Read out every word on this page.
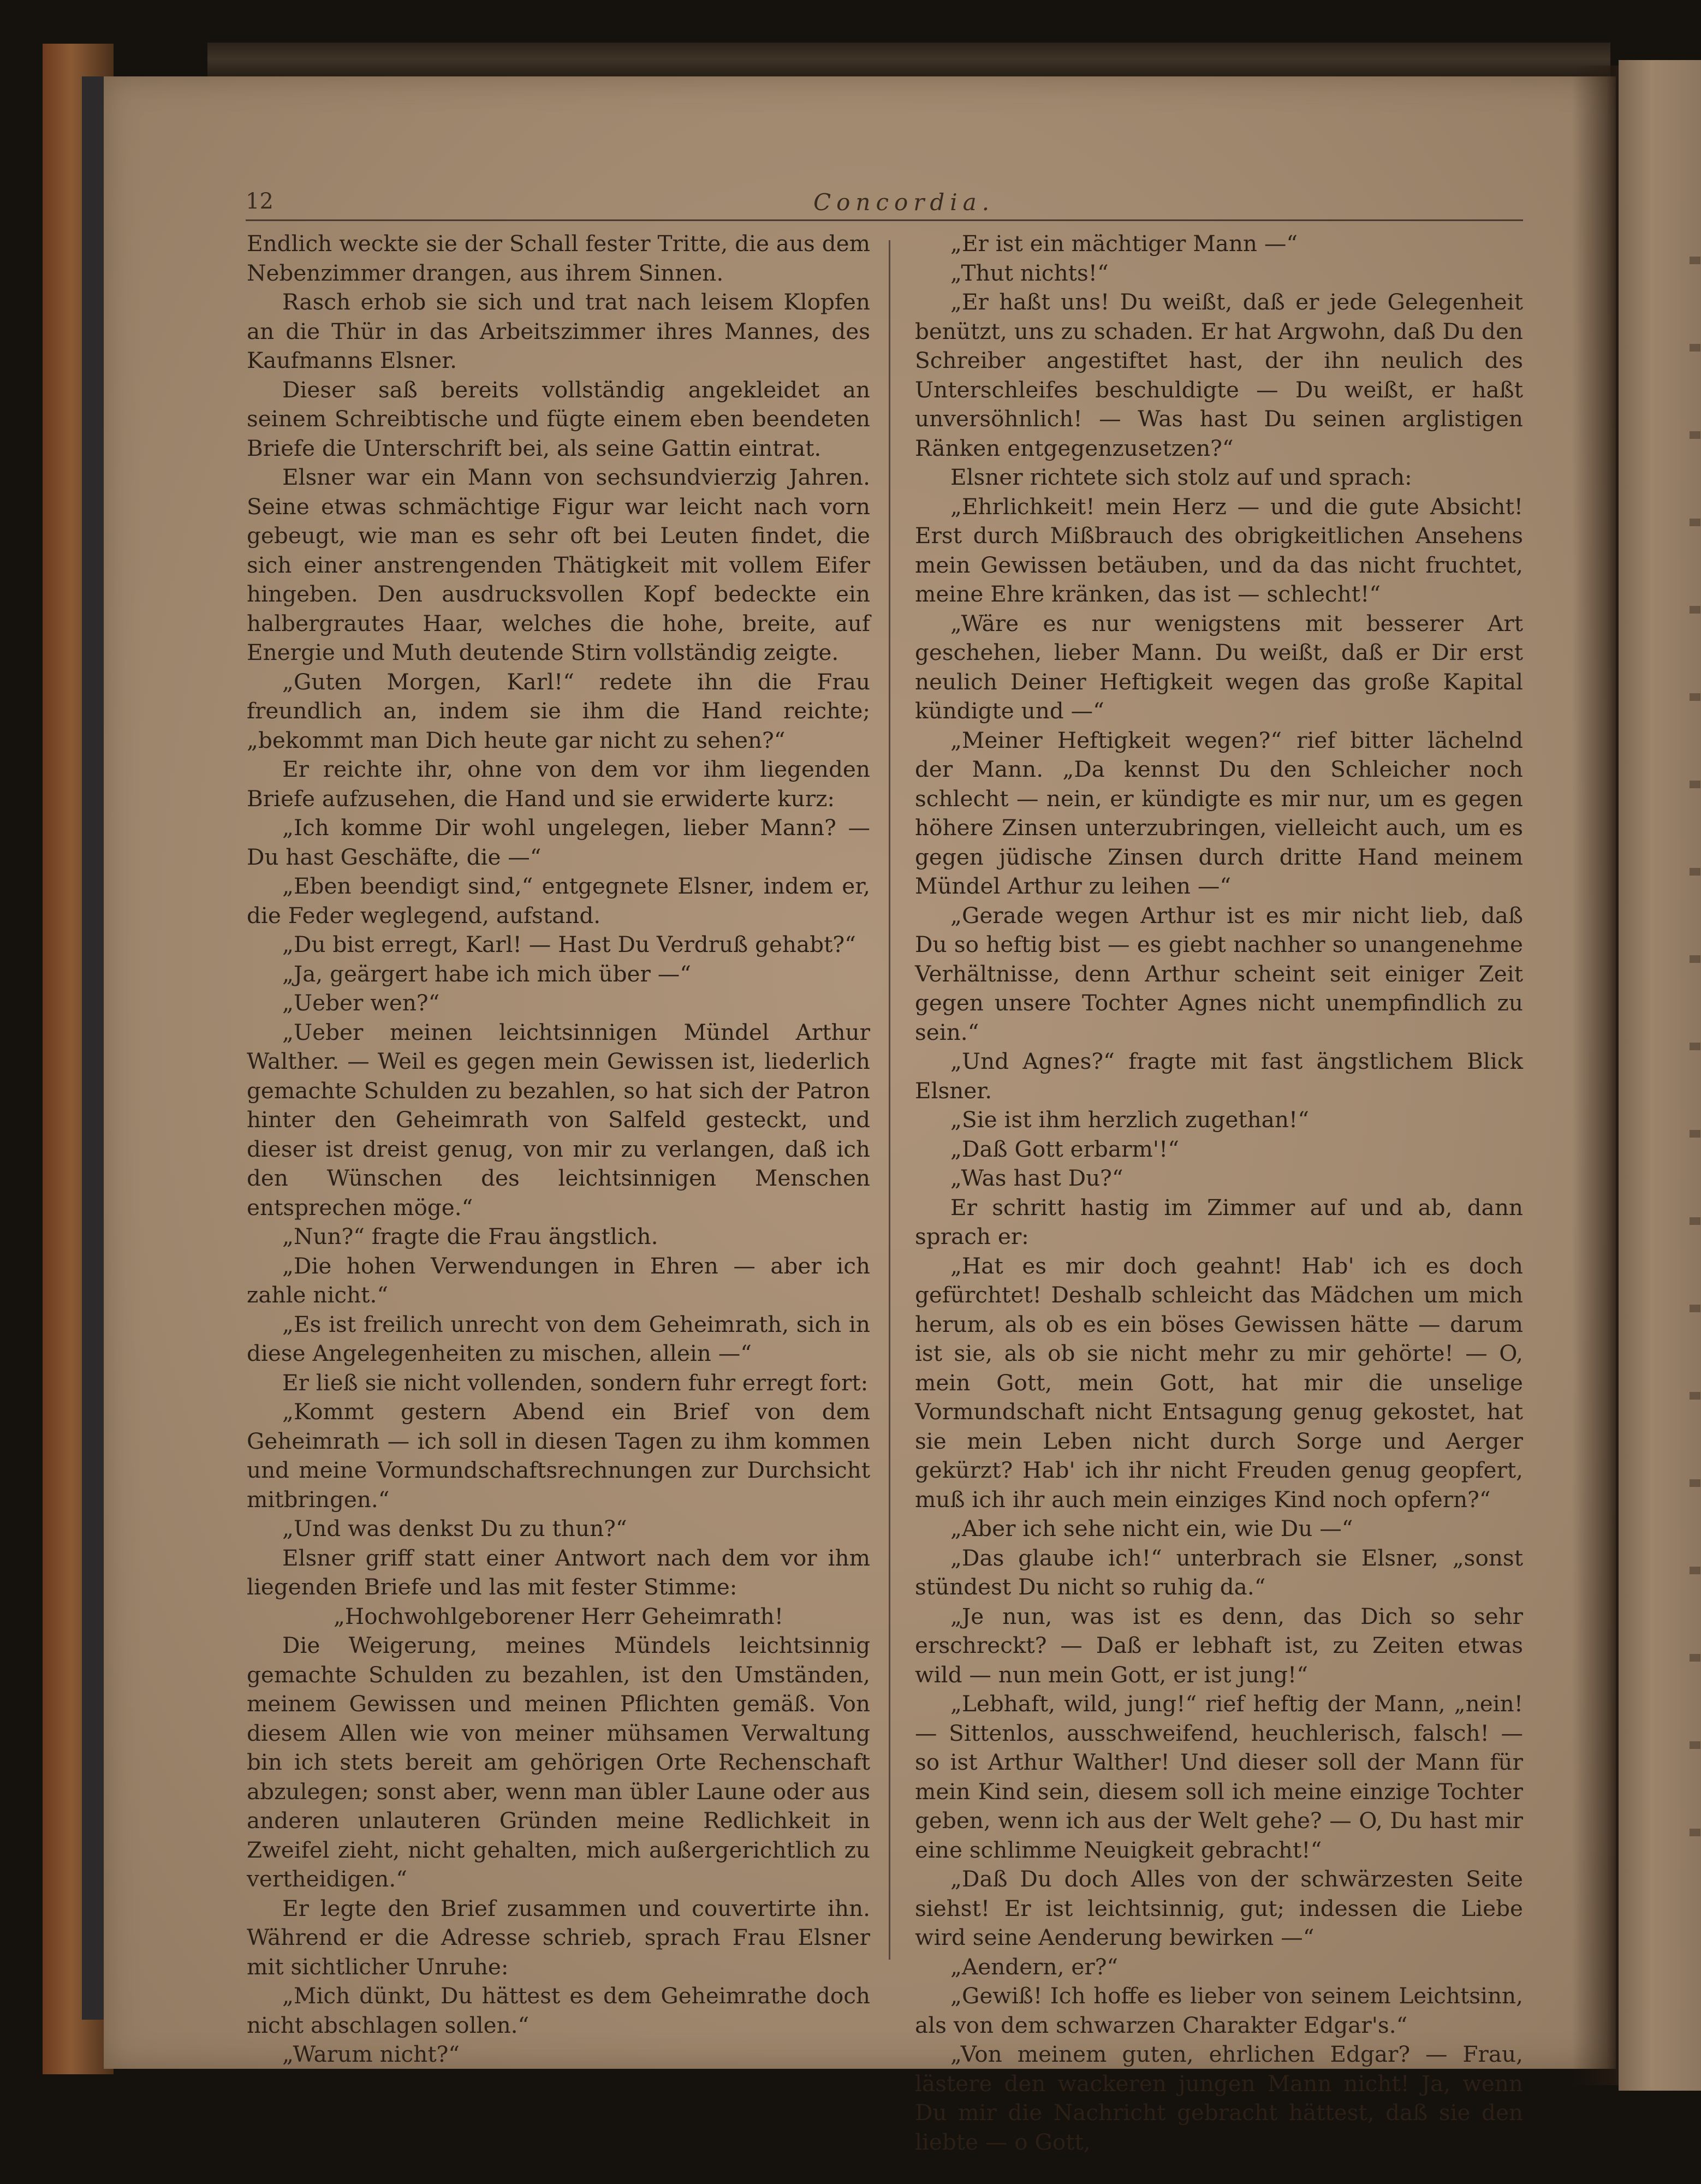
12	Concordia.

Endlich weckte sie der Schall fester Tritte, die aus dem Nebenzimmer drangen, aus ihrem Sinnen.

Rasch erhob sie sich und trat nach leisem Klopfen an die Thür in das Arbeitszimmer ihres Mannes, des Kaufmanns Elsner.

Dieser saß bereits vollständig angekleidet an seinem Schreibtische und fügte einem eben beendeten Briefe die Unterschrift bei, als seine Gattin eintrat.

Elsner war ein Mann von sechsundvierzig Jahren. Seine etwas schmächtige Figur war leicht nach vorn gebeugt, wie man es sehr oft bei Leuten findet, die sich einer anstrengenden Thätigkeit mit vollem Eifer hingeben. Den ausdrucksvollen Kopf bedeckte ein halbergrautes Haar, welches die hohe, breite, auf Energie und Muth deutende Stirn vollständig zeigte.

„Guten Morgen, Karl!“ redete ihn die Frau freundlich an, indem sie ihm die Hand reichte; „bekommt man Dich heute gar nicht zu sehen?“

Er reichte ihr, ohne von dem vor ihm liegenden Briefe aufzusehen, die Hand und sie erwiderte kurz:

„Ich komme Dir wohl ungelegen, lieber Mann? — Du hast Geschäfte, die —“

„Eben beendigt sind,“ entgegnete Elsner, indem er, die Feder weglegend, aufstand.

„Du bist erregt, Karl! — Hast Du Verdruß gehabt?“

„Ja, geärgert habe ich mich über —“

„Ueber wen?“

„Ueber meinen leichtsinnigen Mündel Arthur Walther. — Weil es gegen mein Gewissen ist, liederlich gemachte Schulden zu bezahlen, so hat sich der Patron hinter den Geheimrath von Salfeld gesteckt, und dieser ist dreist genug, von mir zu verlangen, daß ich den Wünschen des leichtsinnigen Menschen entsprechen möge.“

„Nun?“ fragte die Frau ängstlich.

„Die hohen Verwendungen in Ehren — aber ich zahle nicht.“

„Es ist freilich unrecht von dem Geheimrath, sich in diese Angelegenheiten zu mischen, allein —“

Er ließ sie nicht vollenden, sondern fuhr erregt fort:

„Kommt gestern Abend ein Brief von dem Geheimrath — ich soll in diesen Tagen zu ihm kommen und meine Vormundschaftsrechnungen zur Durchsicht mitbringen.“

„Und was denkst Du zu thun?“

Elsner griff statt einer Antwort nach dem vor ihm liegenden Briefe und las mit fester Stimme:

„Hochwohlgeborener Herr Geheimrath!

Die Weigerung, meines Mündels leichtsinnig gemachte Schulden zu bezahlen, ist den Umständen, meinem Gewissen und meinen Pflichten gemäß. Von diesem Allen wie von meiner mühsamen Verwaltung bin ich stets bereit am gehörigen Orte Rechenschaft abzulegen; sonst aber, wenn man übler Laune oder aus anderen unlauteren Gründen meine Redlichkeit in Zweifel zieht, nicht gehalten, mich außergerichtlich zu vertheidigen.“

Er legte den Brief zusammen und couvertirte ihn. Während er die Adresse schrieb, sprach Frau Elsner mit sichtlicher Unruhe:

„Mich dünkt, Du hättest es dem Geheimrathe doch nicht abschlagen sollen.“

„Warum nicht?“

„Er ist ein mächtiger Mann —“

„Thut nichts!“

„Er haßt uns! Du weißt, daß er jede Gelegenheit benützt, uns zu schaden. Er hat Argwohn, daß Du den Schreiber angestiftet hast, der ihn neulich des Unterschleifes beschuldigte — Du weißt, er haßt unversöhnlich! — Was hast Du seinen arglistigen Ränken entgegenzusetzen?“

Elsner richtete sich stolz auf und sprach:

„Ehrlichkeit! mein Herz — und die gute Absicht! Erst durch Mißbrauch des obrigkeitlichen Ansehens mein Gewissen betäuben, und da das nicht fruchtet, meine Ehre kränken, das ist — schlecht!“

„Wäre es nur wenigstens mit besserer Art geschehen, lieber Mann. Du weißt, daß er Dir erst neulich Deiner Heftigkeit wegen das große Kapital kündigte und —“

„Meiner Heftigkeit wegen?“ rief bitter lächelnd der Mann. „Da kennst Du den Schleicher noch schlecht — nein, er kündigte es mir nur, um es gegen höhere Zinsen unterzubringen, vielleicht auch, um es gegen jüdische Zinsen durch dritte Hand meinem Mündel Arthur zu leihen —“

„Gerade wegen Arthur ist es mir nicht lieb, daß Du so heftig bist — es giebt nachher so unangenehme Verhältnisse, denn Arthur scheint seit einiger Zeit gegen unsere Tochter Agnes nicht unempfindlich zu sein.“

„Und Agnes?“ fragte mit fast ängstlichem Blick Elsner.

„Sie ist ihm herzlich zugethan!“

„Daß Gott erbarm'!“

„Was hast Du?“

Er schritt hastig im Zimmer auf und ab, dann sprach er:

„Hat es mir doch geahnt! Hab' ich es doch gefürchtet! Deshalb schleicht das Mädchen um mich herum, als ob es ein böses Gewissen hätte — darum ist sie, als ob sie nicht mehr zu mir gehörte! — O, mein Gott, mein Gott, hat mir die unselige Vormundschaft nicht Entsagung genug gekostet, hat sie mein Leben nicht durch Sorge und Aerger gekürzt? Hab' ich ihr nicht Freuden genug geopfert, muß ich ihr auch mein einziges Kind noch opfern?“

„Aber ich sehe nicht ein, wie Du —“

„Das glaube ich!“ unterbrach sie Elsner, „sonst stündest Du nicht so ruhig da.“

„Je nun, was ist es denn, das Dich so sehr erschreckt? — Daß er lebhaft ist, zu Zeiten etwas wild — nun mein Gott, er ist jung!“

„Lebhaft, wild, jung!“ rief heftig der Mann, „nein! — Sittenlos, ausschweifend, heuchlerisch, falsch! — so ist Arthur Walther! Und dieser soll der Mann für mein Kind sein, diesem soll ich meine einzige Tochter geben, wenn ich aus der Welt gehe? — O, Du hast mir eine schlimme Neuigkeit gebracht!“

„Daß Du doch Alles von der schwärzesten Seite siehst! Er ist leichtsinnig, gut; indessen die Liebe wird seine Aenderung bewirken —“

„Aendern, er?“

„Gewiß! Ich hoffe es lieber von seinem Leichtsinn, als von dem schwarzen Charakter Edgar's.“

„Von meinem guten, ehrlichen Edgar? — Frau, lästere den wackeren jungen Mann nicht! Ja, wenn Du mir die Nachricht gebracht hättest, daß sie den liebte — o Gott,
